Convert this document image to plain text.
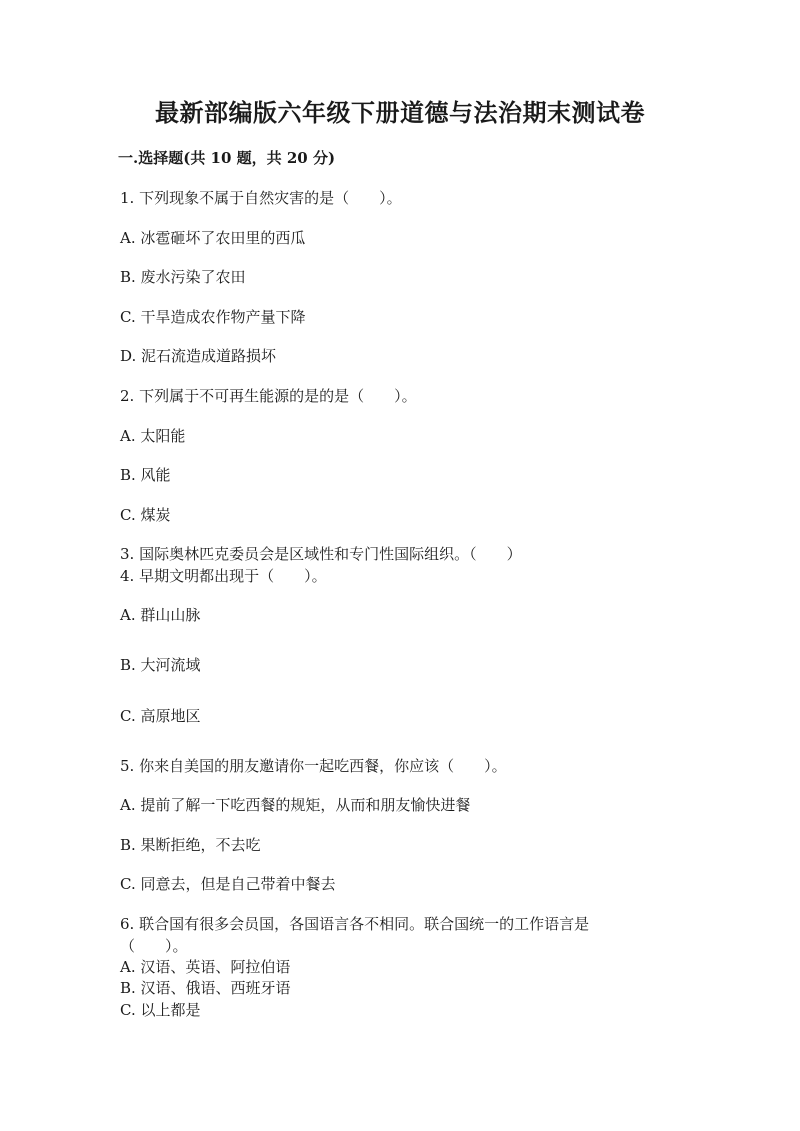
最新部编版六年级下册道德与法治期末测试卷
一.选择题(共 10 题，共 20 分)
1. 下列现象不属于自然灾害的是（　　）。
A. 冰雹砸坏了农田里的西瓜
B. 废水污染了农田
C. 干旱造成农作物产量下降
D. 泥石流造成道路损坏
2. 下列属于不可再生能源的是的是（　　）。
A. 太阳能
B. 风能
C. 煤炭
3. 国际奥林匹克委员会是区域性和专门性国际组织。（　　）
4. 早期文明都出现于（　　）。
A. 群山山脉
B. 大河流域
C. 高原地区
5. 你来自美国的朋友邀请你一起吃西餐，你应该（　　）。
A. 提前了解一下吃西餐的规矩，从而和朋友愉快进餐
B. 果断拒绝，不去吃
C. 同意去，但是自己带着中餐去
6. 联合国有很多会员国，各国语言各不相同。联合国统一的工作语言是
（　　）。
A. 汉语、英语、阿拉伯语
B. 汉语、俄语、西班牙语
C. 以上都是
